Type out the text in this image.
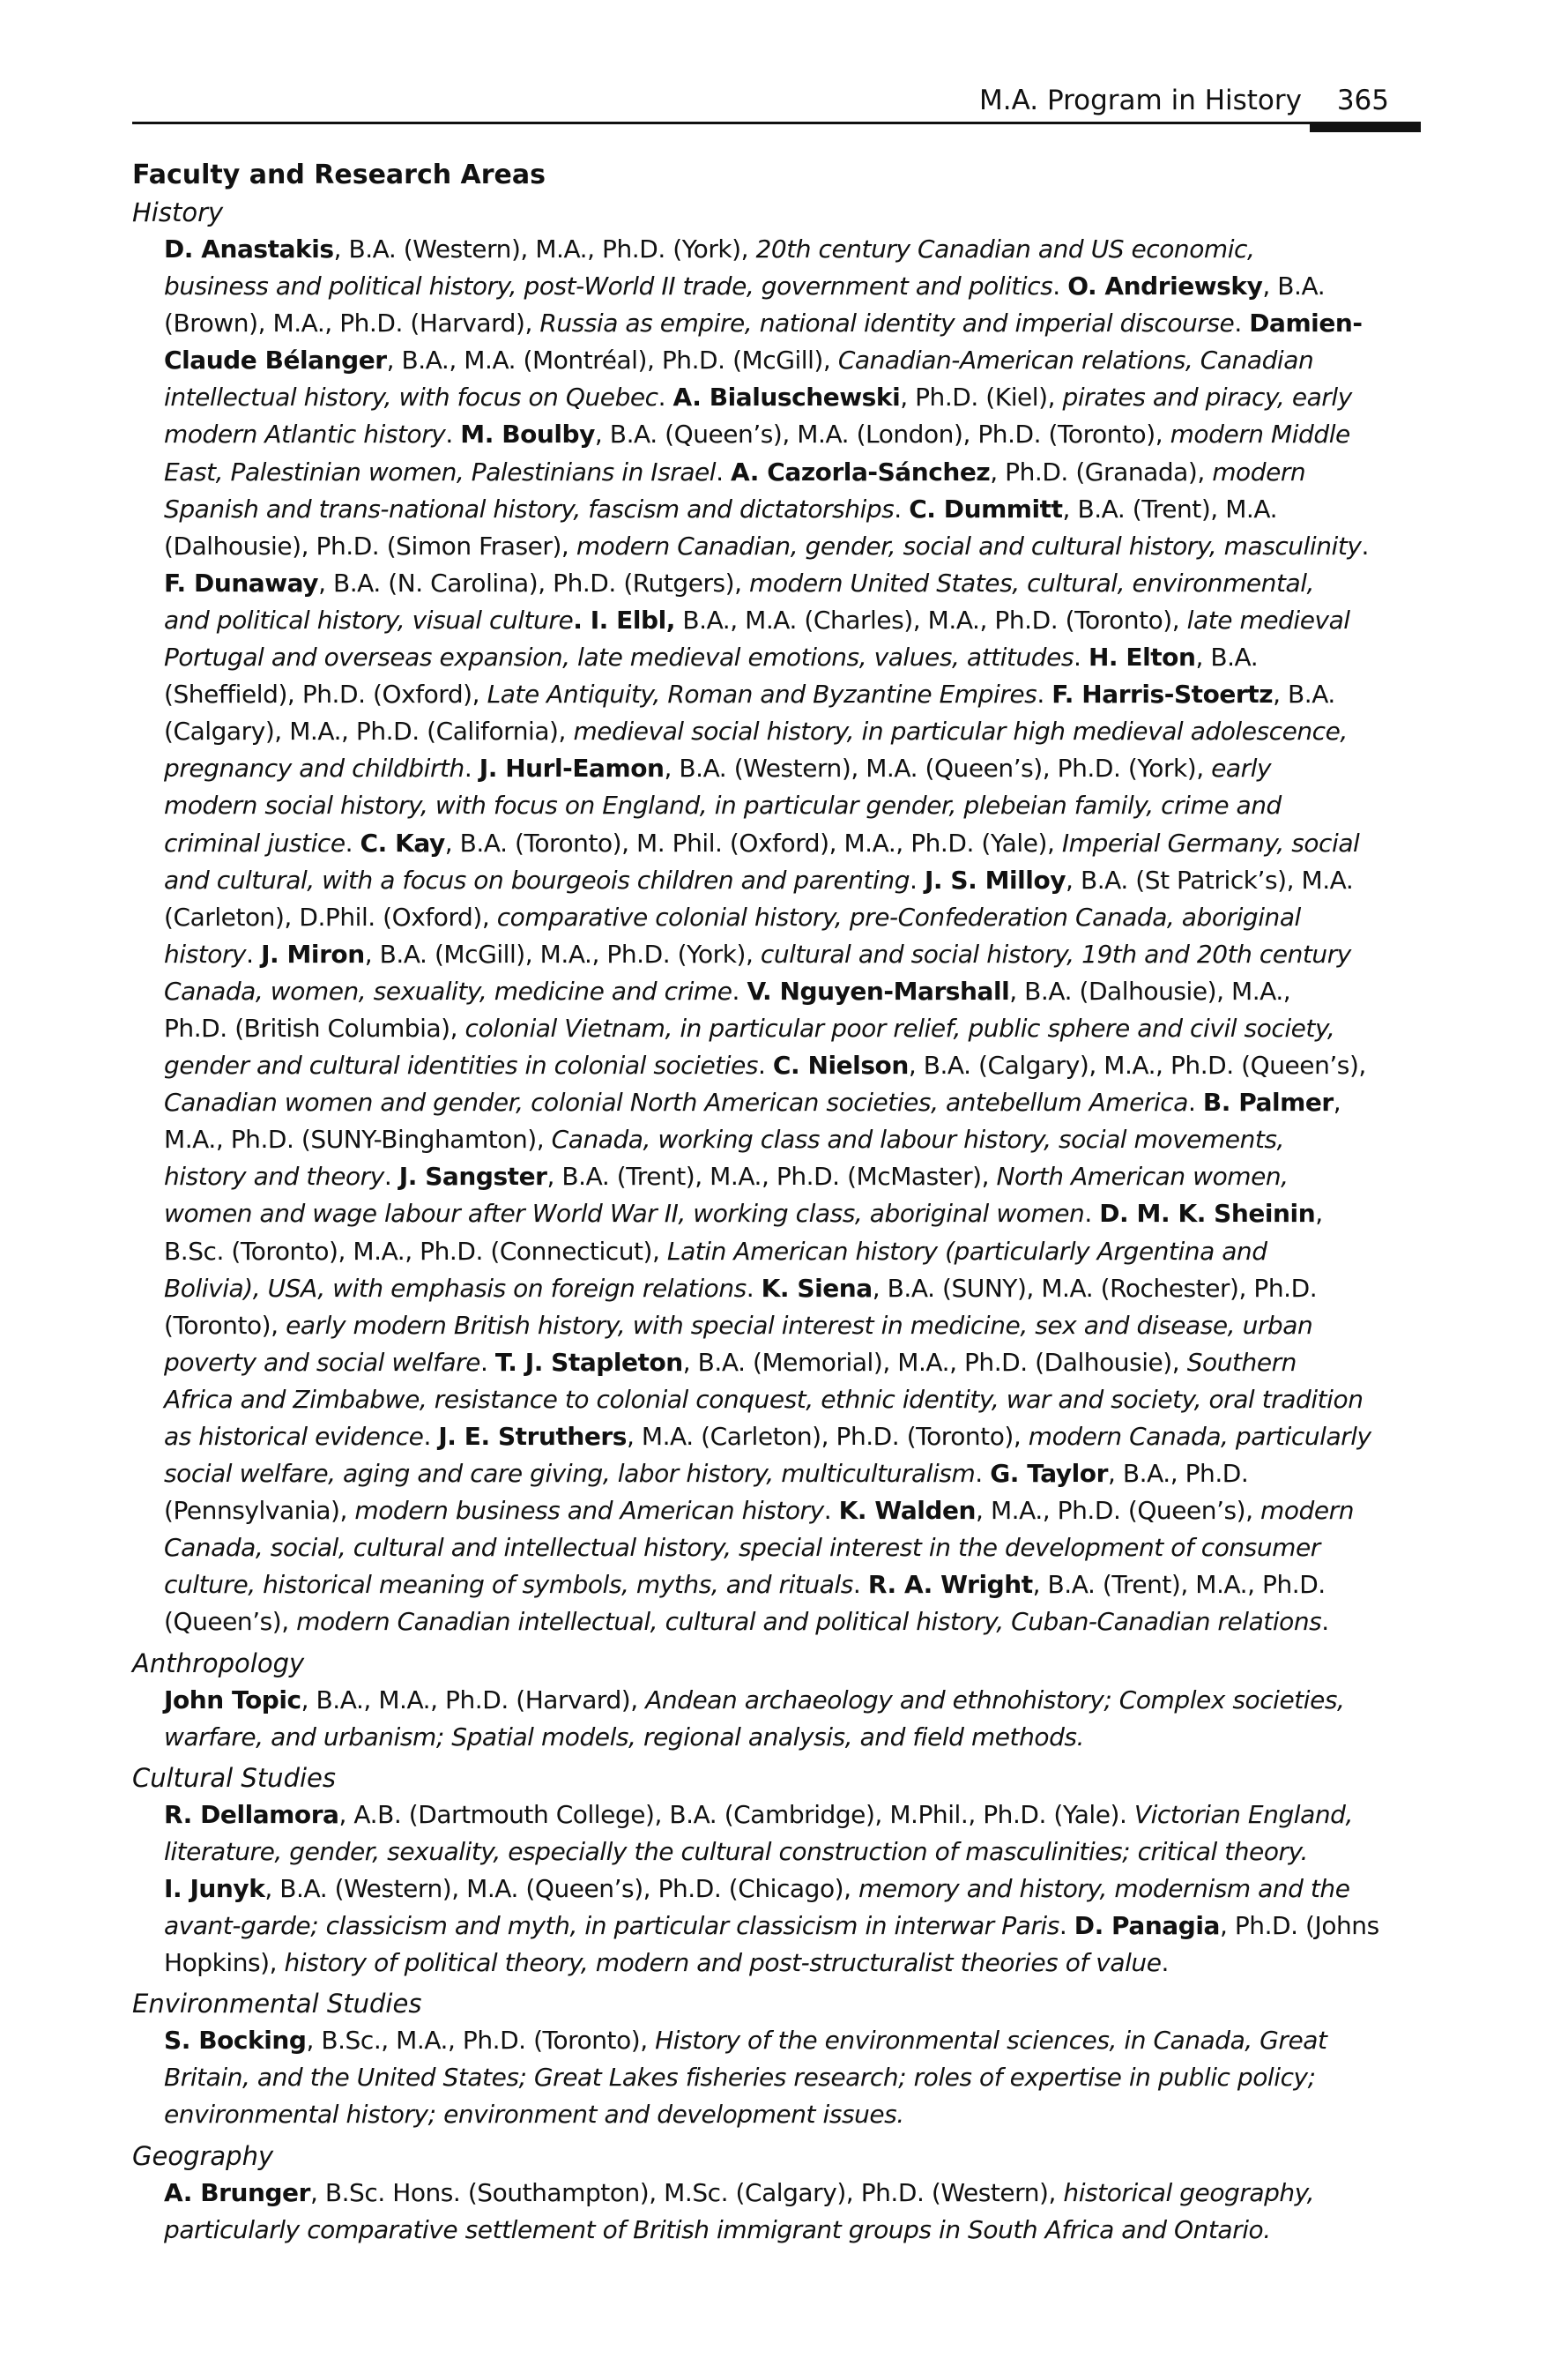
M.A. Program in History 365
Faculty and Research Areas
History
D. Anastakis, B.A. (Western), M.A., Ph.D. (York), 20th century Canadian and US economic,
business and political history, post-World II trade, government and politics. O. Andriewsky, B.A.
(Brown), M.A., Ph.D. (Harvard), Russia as empire, national identity and imperial discourse. Damien-
Claude Bélanger, B.A., M.A. (Montréal), Ph.D. (McGill), Canadian-American relations, Canadian
intellectual history, with focus on Quebec. A. Bialuschewski, Ph.D. (Kiel), pirates and piracy, early
modern Atlantic history. M. Boulby, B.A. (Queen’s), M.A. (London), Ph.D. (Toronto), modern Middle
East, Palestinian women, Palestinians in Israel. A. Cazorla-Sánchez, Ph.D. (Granada), modern
Spanish and trans-national history, fascism and dictatorships. C. Dummitt, B.A. (Trent), M.A.
(Dalhousie), Ph.D. (Simon Fraser), modern Canadian, gender, social and cultural history, masculinity.
F. Dunaway, B.A. (N. Carolina), Ph.D. (Rutgers), modern United States, cultural, environmental,
and political history, visual culture. I. Elbl, B.A., M.A. (Charles), M.A., Ph.D. (Toronto), late medieval
Portugal and overseas expansion, late medieval emotions, values, attitudes. H. Elton, B.A.
(Sheffield), Ph.D. (Oxford), Late Antiquity, Roman and Byzantine Empires. F. Harris-Stoertz, B.A.
(Calgary), M.A., Ph.D. (California), medieval social history, in particular high medieval adolescence,
pregnancy and childbirth. J. Hurl-Eamon, B.A. (Western), M.A. (Queen’s), Ph.D. (York), early
modern social history, with focus on England, in particular gender, plebeian family, crime and
criminal justice. C. Kay, B.A. (Toronto), M. Phil. (Oxford), M.A., Ph.D. (Yale), Imperial Germany, social
and cultural, with a focus on bourgeois children and parenting. J. S. Milloy, B.A. (St Patrick’s), M.A.
(Carleton), D.Phil. (Oxford), comparative colonial history, pre-Confederation Canada, aboriginal
history. J. Miron, B.A. (McGill), M.A., Ph.D. (York), cultural and social history, 19th and 20th century
Canada, women, sexuality, medicine and crime. V. Nguyen-Marshall, B.A. (Dalhousie), M.A.,
Ph.D. (British Columbia), colonial Vietnam, in particular poor relief, public sphere and civil society,
gender and cultural identities in colonial societies. C. Nielson, B.A. (Calgary), M.A., Ph.D. (Queen’s),
Canadian women and gender, colonial North American societies, antebellum America. B. Palmer,
M.A., Ph.D. (SUNY-Binghamton), Canada, working class and labour history, social movements,
history and theory. J. Sangster, B.A. (Trent), M.A., Ph.D. (McMaster), North American women,
women and wage labour after World War II, working class, aboriginal women. D. M. K. Sheinin,
B.Sc. (Toronto), M.A., Ph.D. (Connecticut), Latin American history (particularly Argentina and
Bolivia), USA, with emphasis on foreign relations. K. Siena, B.A. (SUNY), M.A. (Rochester), Ph.D.
(Toronto), early modern British history, with special interest in medicine, sex and disease, urban
poverty and social welfare. T. J. Stapleton, B.A. (Memorial), M.A., Ph.D. (Dalhousie), Southern
Africa and Zimbabwe, resistance to colonial conquest, ethnic identity, war and society, oral tradition
as historical evidence. J. E. Struthers, M.A. (Carleton), Ph.D. (Toronto), modern Canada, particularly
social welfare, aging and care giving, labor history, multiculturalism. G. Taylor, B.A., Ph.D.
(Pennsylvania), modern business and American history. K. Walden, M.A., Ph.D. (Queen’s), modern
Canada, social, cultural and intellectual history, special interest in the development of consumer
culture, historical meaning of symbols, myths, and rituals. R. A. Wright, B.A. (Trent), M.A., Ph.D.
(Queen’s), modern Canadian intellectual, cultural and political history, Cuban-Canadian relations.
Anthropology
John Topic, B.A., M.A., Ph.D. (Harvard), Andean archaeology and ethnohistory; Complex societies,
warfare, and urbanism; Spatial models, regional analysis, and field methods.
Cultural Studies
R. Dellamora, A.B. (Dartmouth College), B.A. (Cambridge), M.Phil., Ph.D. (Yale). Victorian England,
literature, gender, sexuality, especially the cultural construction of masculinities; critical theory.
I. Junyk, B.A. (Western), M.A. (Queen’s), Ph.D. (Chicago), memory and history, modernism and the
avant-garde; classicism and myth, in particular classicism in interwar Paris. D. Panagia, Ph.D. (Johns
Hopkins), history of political theory, modern and post-structuralist theories of value.
Environmental Studies
S. Bocking, B.Sc., M.A., Ph.D. (Toronto), History of the environmental sciences, in Canada, Great
Britain, and the United States; Great Lakes fisheries research; roles of expertise in public policy;
environmental history; environment and development issues.
Geography
A. Brunger, B.Sc. Hons. (Southampton), M.Sc. (Calgary), Ph.D. (Western), historical geography,
particularly comparative settlement of British immigrant groups in South Africa and Ontario.
